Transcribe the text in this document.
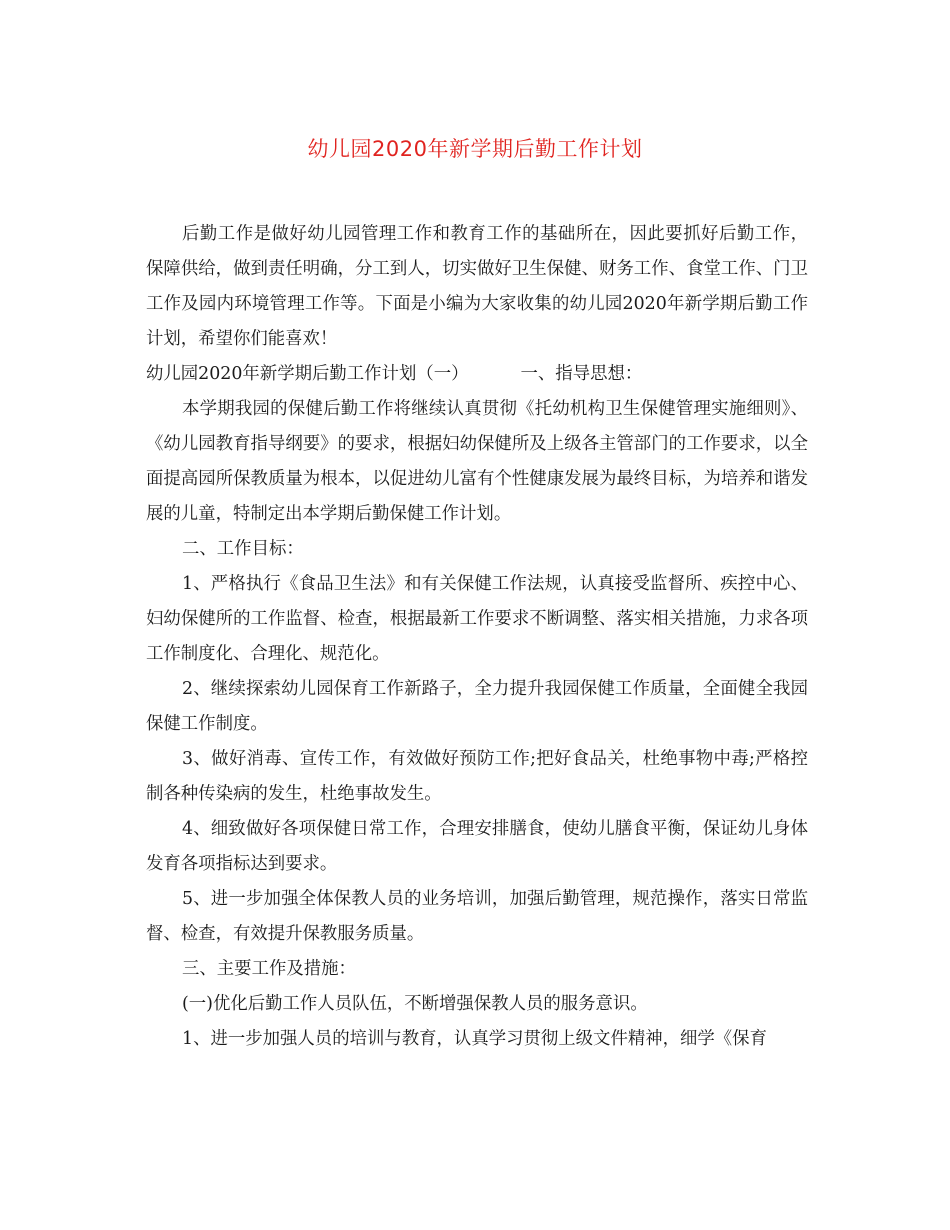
幼儿园2020年新学期后勤工作计划

后勤工作是做好幼儿园管理工作和教育工作的基础所在，因此要抓好后勤工作，保障供给，做到责任明确，分工到人，切实做好卫生保健、财务工作、食堂工作、门卫工作及园内环境管理工作等。下面是小编为大家收集的幼儿园2020年新学期后勤工作计划，希望你们能喜欢！

幼儿园2020年新学期后勤工作计划（一）	一、指导思想：

本学期我园的保健后勤工作将继续认真贯彻《托幼机构卫生保健管理实施细则》、《幼儿园教育指导纲要》的要求，根据妇幼保健所及上级各主管部门的工作要求，以全面提高园所保教质量为根本，以促进幼儿富有个性健康发展为最终目标，为培养和谐发展的儿童，特制定出本学期后勤保健工作计划。

二、工作目标：

1、严格执行《食品卫生法》和有关保健工作法规，认真接受监督所、疾控中心、妇幼保健所的工作监督、检查，根据最新工作要求不断调整、落实相关措施，力求各项工作制度化、合理化、规范化。

2、继续探索幼儿园保育工作新路子，全力提升我园保健工作质量，全面健全我园保健工作制度。

3、做好消毒、宣传工作，有效做好预防工作;把好食品关，杜绝事物中毒;严格控制各种传染病的发生，杜绝事故发生。

4、细致做好各项保健日常工作，合理安排膳食，使幼儿膳食平衡，保证幼儿身体发育各项指标达到要求。

5、进一步加强全体保教人员的业务培训，加强后勤管理，规范操作，落实日常监督、检查，有效提升保教服务质量。

三、主要工作及措施：

(一)优化后勤工作人员队伍，不断增强保教人员的服务意识。

1、进一步加强人员的培训与教育，认真学习贯彻上级文件精神，细学《保育
